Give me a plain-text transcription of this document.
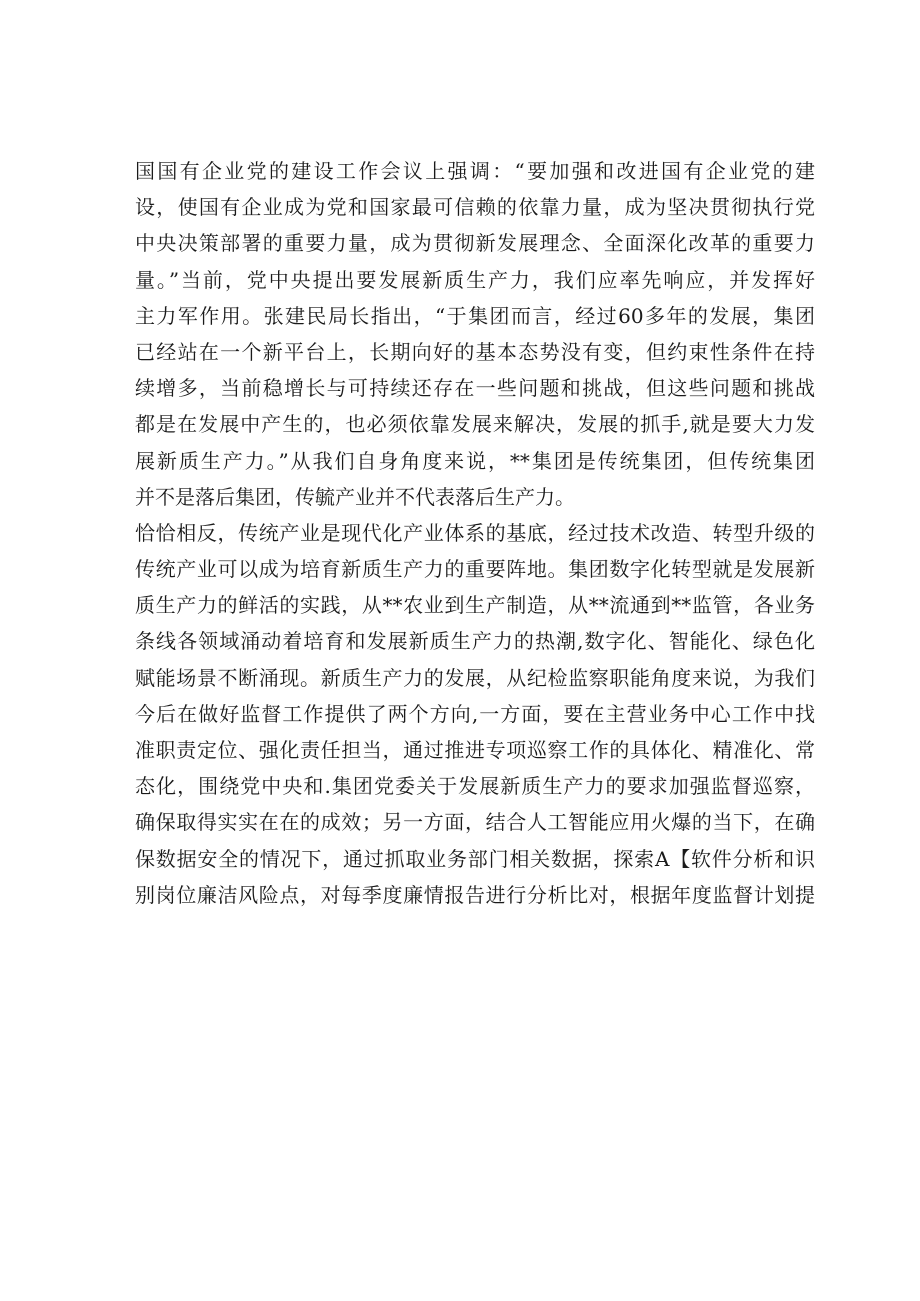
国国有企业党的建设工作会议上强调：“要加强和改进国有企业党的建
设，使国有企业成为党和国家最可信赖的依靠力量，成为坚决贯彻执行党
中央决策部署的重要力量，成为贯彻新发展理念、全面深化改革的重要力
量。”当前，党中央提出要发展新质生产力，我们应率先响应，并发挥好
主力军作用。张建民局长指出，“于集团而言，经过60多年的发展，集团
已经站在一个新平台上，长期向好的基本态势没有变，但约束性条件在持
续增多，当前稳增长与可持续还存在一些问题和挑战，但这些问题和挑战
都是在发展中产生的，也必须依靠发展来解决，发展的抓手,就是要大力发
展新质生产力。”从我们自身角度来说，**集团是传统集团，但传统集团
并不是落后集团，传毓产业并不代表落后生产力。
恰恰相反，传统产业是现代化产业体系的基底，经过技术改造、转型升级的
传统产业可以成为培育新质生产力的重要阵地。集团数字化转型就是发展新
质生产力的鲜活的实践，从**农业到生产制造，从**流通到**监管，各业务
条线各领域涌动着培育和发展新质生产力的热潮,数字化、智能化、绿色化
赋能场景不断涌现。新质生产力的发展，从纪检监察职能角度来说，为我们
今后在做好监督工作提供了两个方向,一方面，要在主营业务中心工作中找
准职责定位、强化责任担当，通过推进专项巡察工作的具体化、精准化、常
态化，围绕党中央和.集团党委关于发展新质生产力的要求加强监督巡察，
确保取得实实在在的成效；另一方面，结合人工智能应用火爆的当下，在确
保数据安全的情况下，通过抓取业务部门相关数据，探索A【软件分析和识
别岗位廉洁风险点，对每季度廉情报告进行分析比对，根据年度监督计划提
